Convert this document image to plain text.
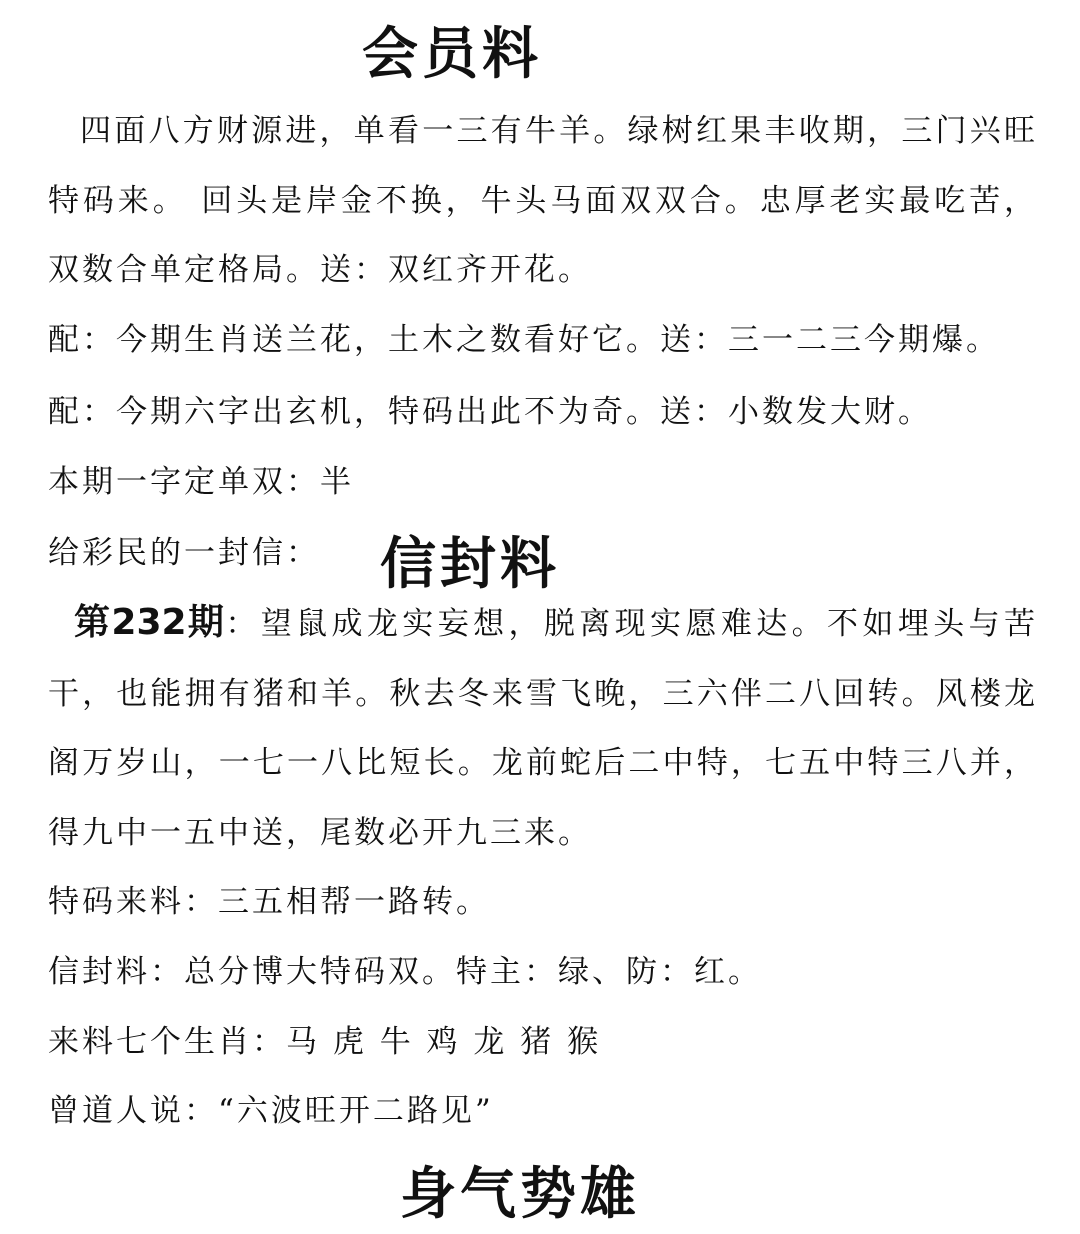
会员料
四面八方财源进，单看一三有牛羊。绿树红果丰收期，三门兴旺特码来。 回头是岸金不换，牛头马面双双合。忠厚老实最吃苦，双数合单定格局。送：双红齐开花。
配：今期生肖送兰花，土木之数看好它。送：三一二三今期爆。
配：今期六字出玄机，特码出此不为奇。送：小数发大财。
本期一字定单双：半
给彩民的一封信： 信封料
第232期：望鼠成龙实妄想，脱离现实愿难达。不如埋头与苦干，也能拥有猪和羊。秋去冬来雪飞晚，三六伴二八回转。风楼龙阁万岁山，一七一八比短长。龙前蛇后二中特，七五中特三八并，得九中一五中送，尾数必开九三来。
特码来料：三五相帮一路转。
信封料：总分博大特码双。特主：绿、防：红。
来料七个生肖：马 虎 牛 鸡 龙 猪 猴
曾道人说：“六波旺开二路见”
身气势雄
